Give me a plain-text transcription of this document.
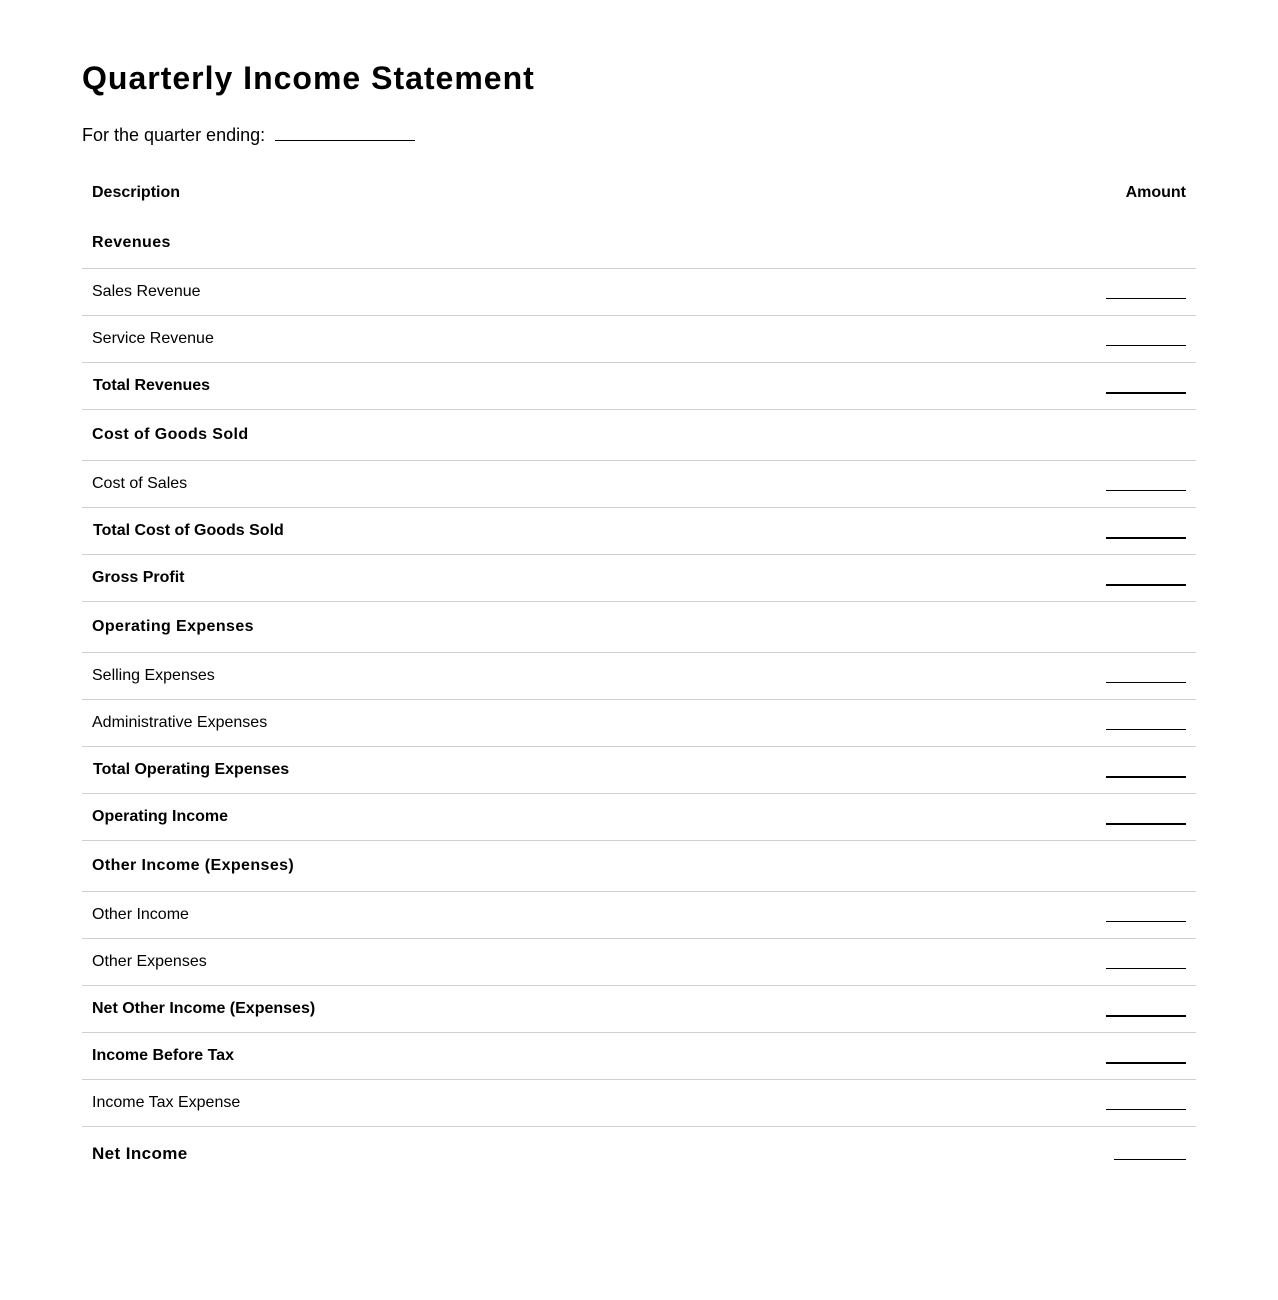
Quarterly Income Statement
For the quarter ending:
Description	Amount
Revenues	
Sales Revenue	
Service Revenue	
Total Revenues	
Cost of Goods Sold	
Cost of Sales	
Total Cost of Goods Sold	
Gross Profit	
Operating Expenses	
Selling Expenses	
Administrative Expenses	
Total Operating Expenses	
Operating Income	
Other Income (Expenses)	
Other Income	
Other Expenses	
Net Other Income (Expenses)	
Income Before Tax	
Income Tax Expense	
Net Income	
